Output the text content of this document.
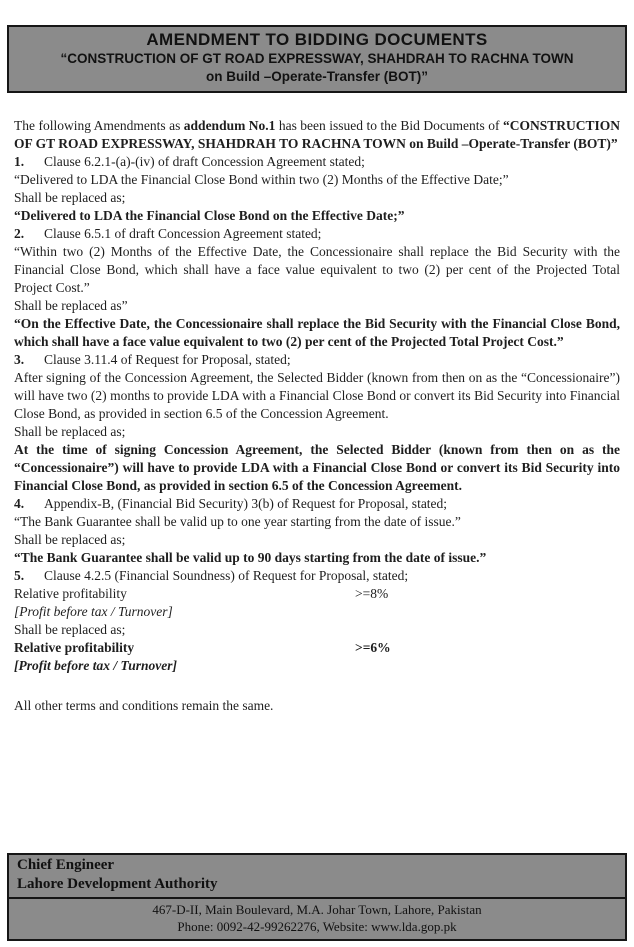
AMENDMENT TO BIDDING DOCUMENTS
“CONSTRUCTION OF GT ROAD EXPRESSWAY, SHAHDRAH TO RACHNA TOWN
on Build –Operate-Transfer (BOT)”

The following Amendments as addendum No.1 has been issued to the Bid Documents of “CONSTRUCTION OF GT ROAD EXPRESSWAY, SHAHDRAH TO RACHNA TOWN on Build –Operate-Transfer (BOT)”

1. Clause 6.2.1-(a)-(iv) of draft Concession Agreement stated;

“Delivered to LDA the Financial Close Bond within two (2) Months of the Effective Date;”

Shall be replaced as;

“Delivered to LDA the Financial Close Bond on the Effective Date;”

2. Clause 6.5.1 of draft Concession Agreement stated;

“Within two (2) Months of the Effective Date, the Concessionaire shall replace the Bid Security with the Financial Close Bond, which shall have a face value equivalent to two (2) per cent of the Projected Total Project Cost.”

Shall be replaced as”

“On the Effective Date, the Concessionaire shall replace the Bid Security with the Financial Close Bond, which shall have a face value equivalent to two (2) per cent of the Projected Total Project Cost.”

3. Clause 3.11.4 of Request for Proposal, stated;

After signing of the Concession Agreement, the Selected Bidder (known from then on as the “Concessionaire”) will have two (2) months to provide LDA with a Financial Close Bond or convert its Bid Security into Financial Close Bond, as provided in section 6.5 of the Concession Agreement.

Shall be replaced as;

At the time of signing Concession Agreement, the Selected Bidder (known from then on as the “Concessionaire”) will have to provide LDA with a Financial Close Bond or convert its Bid Security into Financial Close Bond, as provided in section 6.5 of the Concession Agreement.

4. Appendix-B, (Financial Bid Security) 3(b) of Request for Proposal, stated;

“The Bank Guarantee shall be valid up to one year starting from the date of issue.”

Shall be replaced as;

“The Bank Guarantee shall be valid up to 90 days starting from the date of issue.”

5. Clause 4.2.5 (Financial Soundness) of Request for Proposal, stated;

Relative profitability	>=8%

[Profit before tax / Turnover]

Shall be replaced as;

Relative profitability	>=6%

[Profit before tax / Turnover]

All other terms and conditions remain the same.

Chief Engineer
Lahore Development Authority
467-D-II, Main Boulevard, M.A. Johar Town, Lahore, Pakistan
Phone: 0092-42-99262276, Website: www.lda.gop.pk
